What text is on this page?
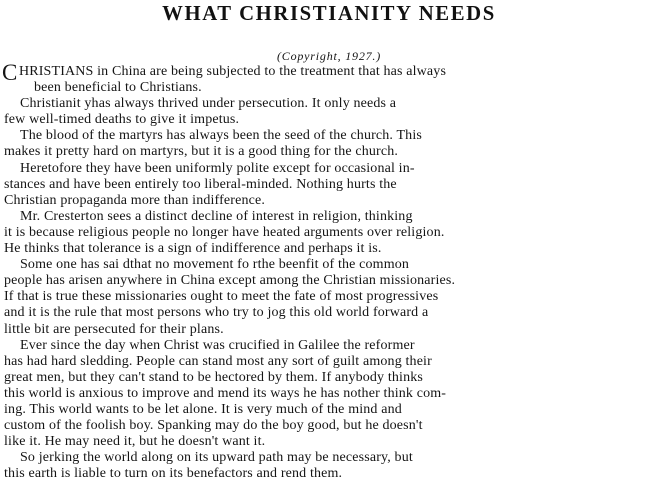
WHAT CHRISTIANITY NEEDS
(Copyright, 1927.)
C HRISTIANS in China are being subjected to the treatment that has always
been beneficial to Christians.
Christianit yhas always thrived under persecution. It only needs a
few well-timed deaths to give it impetus.
The blood of the martyrs has always been the seed of the church. This
makes it pretty hard on martyrs, but it is a good thing for the church.
Heretofore they have been uniformly polite except for occasional in-
stances and have been entirely too liberal-minded. Nothing hurts the
Christian propaganda more than indifference.
Mr. Cresterton sees a distinct decline of interest in religion, thinking
it is because religious people no longer have heated arguments over religion.
He thinks that tolerance is a sign of indifference and perhaps it is.
Some one has sai dthat no movement fo rthe beenfit of the common
people has arisen anywhere in China except among the Christian missionaries.
If that is true these missionaries ought to meet the fate of most progressives
and it is the rule that most persons who try to jog this old world forward a
little bit are persecuted for their plans.
Ever since the day when Christ was crucified in Galilee the reformer
has had hard sledding. People can stand most any sort of guilt among their
great men, but they can't stand to be hectored by them. If anybody thinks
this world is anxious to improve and mend its ways he has nother think com-
ing. This world wants to be let alone. It is very much of the mind and
custom of the foolish boy. Spanking may do the boy good, but he doesn't
like it. He may need it, but he doesn't want it.
So jerking the world along on its upward path may be necessary, but
this earth is liable to turn on its benefactors and rend them.
